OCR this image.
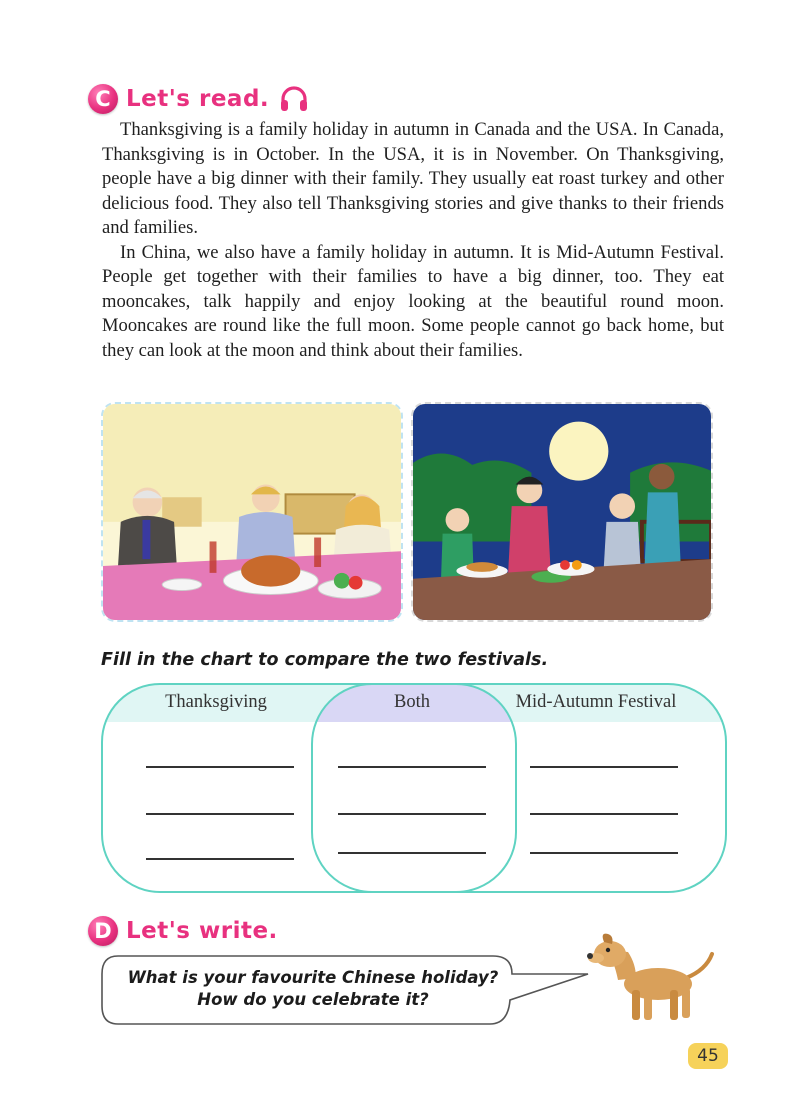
C Let's read.

Thanksgiving is a family holiday in autumn in Canada and the USA. In Canada, Thanksgiving is in October. In the USA, it is in November. On Thanksgiving, people have a big dinner with their family. They usually eat roast turkey and other delicious food. They also tell Thanksgiving stories and give thanks to their friends and families.

In China, we also have a family holiday in autumn. It is Mid-Autumn Festival. People get together with their families to have a big dinner, too. They eat mooncakes, talk happily and enjoy looking at the beautiful round moon. Mooncakes are round like the full moon. Some people cannot go back home, but they can look at the moon and think about their families.

Fill in the chart to compare the two festivals.
Thanksgiving	Both	Mid-Autumn Festival
D Let's write.
What is your favourite Chinese holiday?
How do you celebrate it?
45
